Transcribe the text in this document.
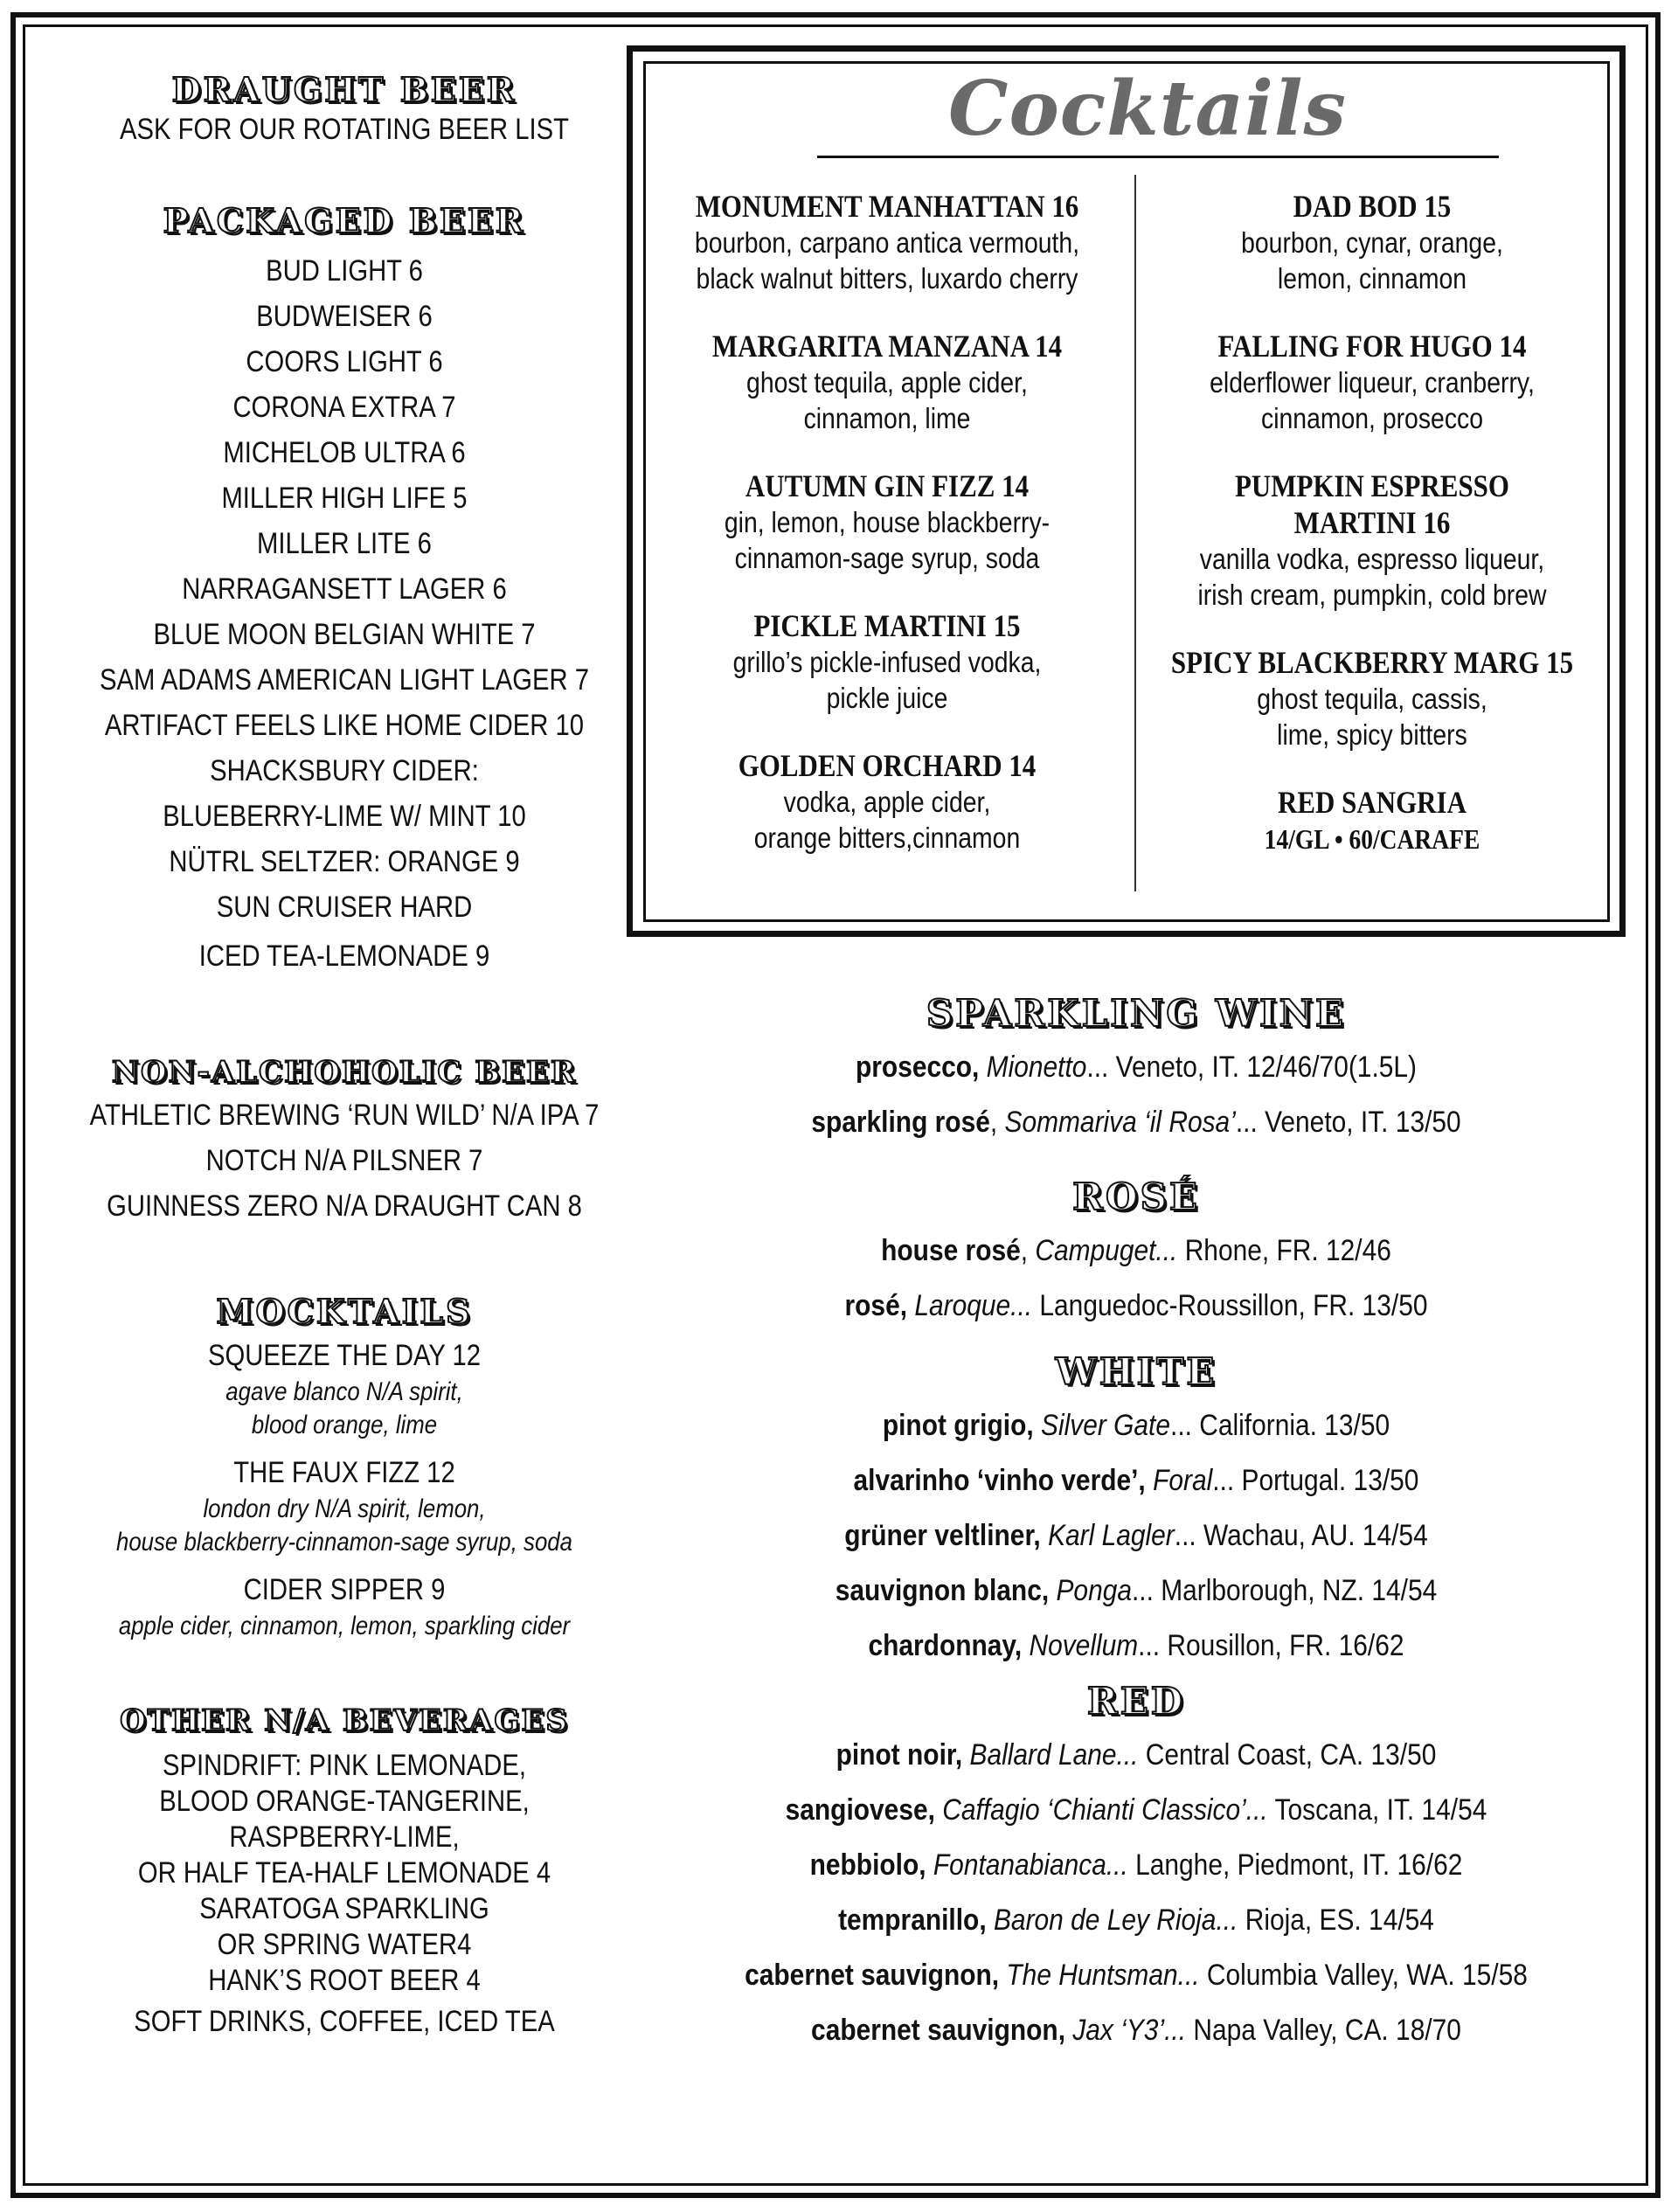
DRAUGHT BEER
ASK FOR OUR ROTATING BEER LIST
PACKAGED BEER
BUD LIGHT 6
BUDWEISER 6
COORS LIGHT 6
CORONA EXTRA 7
MICHELOB ULTRA 6
MILLER HIGH LIFE 5
MILLER LITE 6
NARRAGANSETT LAGER 6
BLUE MOON BELGIAN WHITE 7
SAM ADAMS AMERICAN LIGHT LAGER 7
ARTIFACT FEELS LIKE HOME CIDER 10
SHACKSBURY CIDER:
BLUEBERRY-LIME W/ MINT 10
NÜTRL SELTZER: ORANGE 9
SUN CRUISER HARD
ICED TEA-LEMONADE 9
NON-ALCHOHOLIC BEER
ATHLETIC BREWING ‘RUN WILD’ N/A IPA 7
NOTCH N/A PILSNER 7
GUINNESS ZERO N/A DRAUGHT CAN 8
MOCKTAILS
SQUEEZE THE DAY 12
agave blanco N/A spirit,
blood orange, lime
THE FAUX FIZZ 12
london dry N/A spirit, lemon,
house blackberry-cinnamon-sage syrup, soda
CIDER SIPPER 9
apple cider, cinnamon, lemon, sparkling cider
OTHER N/A BEVERAGES
SPINDRIFT: PINK LEMONADE,
BLOOD ORANGE-TANGERINE,
RASPBERRY-LIME,
OR HALF TEA-HALF LEMONADE 4
SARATOGA SPARKLING
OR SPRING WATER4
HANK’S ROOT BEER 4
SOFT DRINKS, COFFEE, ICED TEA
Cocktails
MONUMENT MANHATTAN 16
bourbon, carpano antica vermouth,
black walnut bitters, luxardo cherry
MARGARITA MANZANA 14
ghost tequila, apple cider,
cinnamon, lime
AUTUMN GIN FIZZ 14
gin, lemon, house blackberry-
cinnamon-sage syrup, soda
PICKLE MARTINI 15
grillo’s pickle-infused vodka,
pickle juice
GOLDEN ORCHARD 14
vodka, apple cider,
orange bitters,cinnamon
DAD BOD 15
bourbon, cynar, orange,
lemon, cinnamon
FALLING FOR HUGO 14
elderflower liqueur, cranberry,
cinnamon, prosecco
PUMPKIN ESPRESSO
MARTINI 16
vanilla vodka, espresso liqueur,
irish cream, pumpkin, cold brew
SPICY BLACKBERRY MARG 15
ghost tequila, cassis,
lime, spicy bitters
RED SANGRIA
14/GL • 60/CARAFE
SPARKLING WINE
prosecco, Mionetto... Veneto, IT. 12/46/70(1.5L)
sparkling rosé, Sommariva ‘il Rosa’... Veneto, IT. 13/50
ROSÉ
house rosé, Campuget... Rhone, FR. 12/46
rosé, Laroque... Languedoc-Roussillon, FR. 13/50
WHITE
pinot grigio, Silver Gate... California. 13/50
alvarinho ‘vinho verde’, Foral... Portugal. 13/50
grüner veltliner, Karl Lagler... Wachau, AU. 14/54
sauvignon blanc, Ponga... Marlborough, NZ. 14/54
chardonnay, Novellum... Rousillon, FR. 16/62
RED
pinot noir, Ballard Lane... Central Coast, CA. 13/50
sangiovese, Caffagio ‘Chianti Classico’... Toscana, IT. 14/54
nebbiolo, Fontanabianca... Langhe, Piedmont, IT. 16/62
tempranillo, Baron de Ley Rioja... Rioja, ES. 14/54
cabernet sauvignon, The Huntsman... Columbia Valley, WA. 15/58
cabernet sauvignon, Jax ‘Y3’... Napa Valley, CA. 18/70
